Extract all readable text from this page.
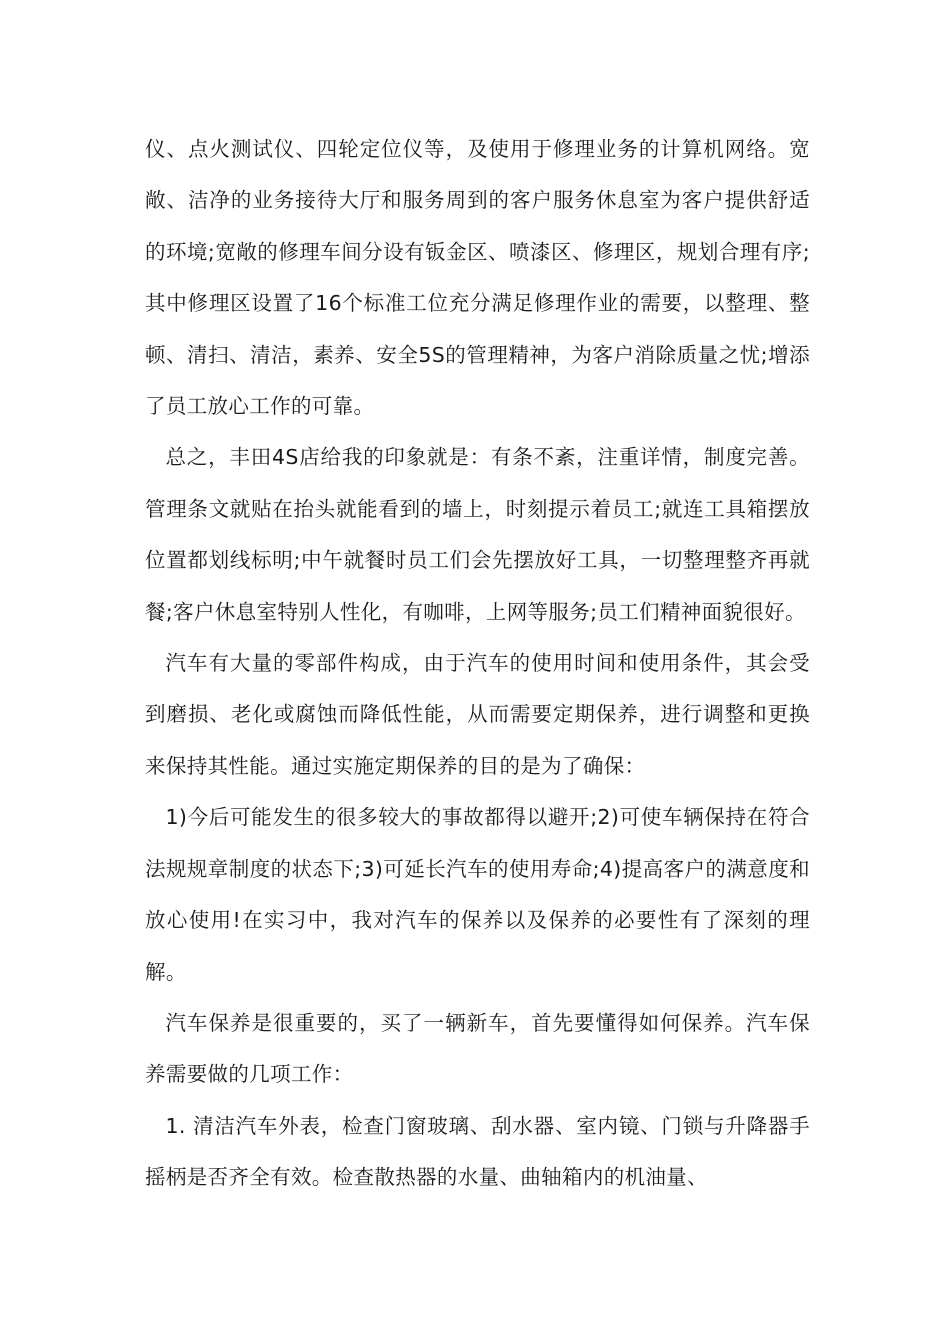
仪、点火测试仪、四轮定位仪等，及使用于修理业务的计算机网络。宽敞、洁净的业务接待大厅和服务周到的客户服务休息室为客户提供舒适的环境;宽敞的修理车间分设有钣金区、喷漆区、修理区，规划合理有序;其中修理区设置了16个标准工位充分满足修理作业的需要，以整理、整顿、清扫、清洁，素养、安全5S的管理精神，为客户消除质量之忧;增添了员工放心工作的可靠。

总之，丰田4S店给我的印象就是：有条不紊，注重详情，制度完善。管理条文就贴在抬头就能看到的墙上，时刻提示着员工;就连工具箱摆放位置都划线标明;中午就餐时员工们会先摆放好工具，一切整理整齐再就餐;客户休息室特别人性化，有咖啡，上网等服务;员工们精神面貌很好。

汽车有大量的零部件构成，由于汽车的使用时间和使用条件，其会受到磨损、老化或腐蚀而降低性能，从而需要定期保养，进行调整和更换来保持其性能。通过实施定期保养的目的是为了确保：

1)今后可能发生的很多较大的事故都得以避开;2)可使车辆保持在符合法规规章制度的状态下;3)可延长汽车的使用寿命;4)提高客户的满意度和放心使用!在实习中，我对汽车的保养以及保养的必要性有了深刻的理解。

汽车保养是很重要的，买了一辆新车，首先要懂得如何保养。汽车保养需要做的几项工作：

1. 清洁汽车外表，检查门窗玻璃、刮水器、室内镜、门锁与升降器手摇柄是否齐全有效。检查散热器的水量、曲轴箱内的机油量、
